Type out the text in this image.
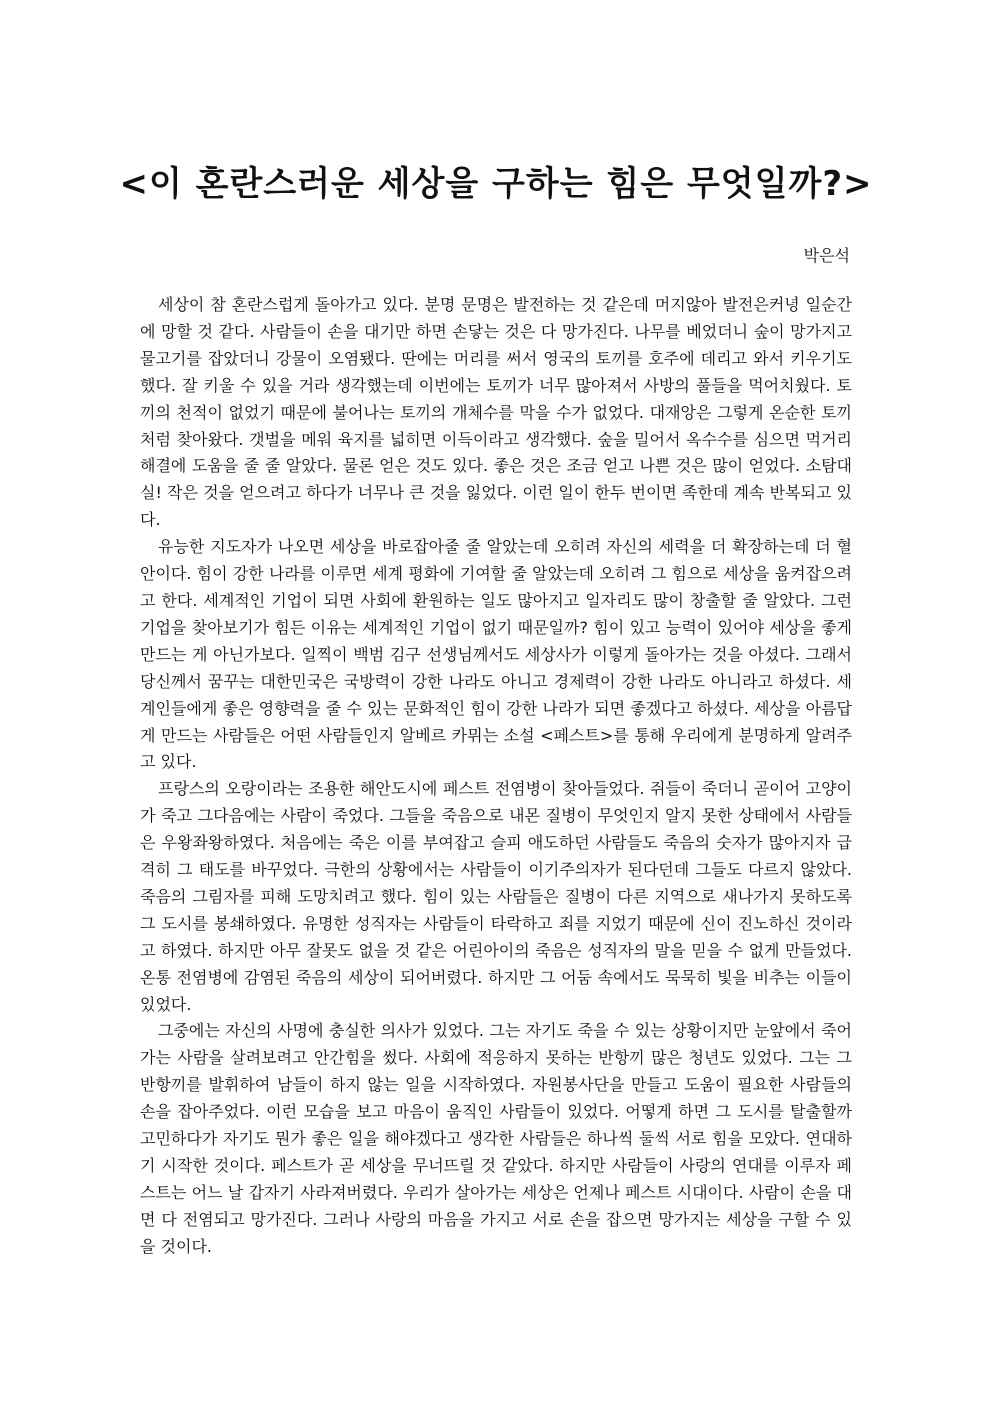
<이 혼란스러운 세상을 구하는 힘은 무엇일까?>

박은석

세상이 참 혼란스럽게 돌아가고 있다. 분명 문명은 발전하는 것 같은데 머지않아 발전은커녕 일순간에 망할 것 같다. 사람들이 손을 대기만 하면 손닿는 것은 다 망가진다. 나무를 베었더니 숲이 망가지고 물고기를 잡았더니 강물이 오염됐다. 딴에는 머리를 써서 영국의 토끼를 호주에 데리고 와서 키우기도 했다. 잘 키울 수 있을 거라 생각했는데 이번에는 토끼가 너무 많아져서 사방의 풀들을 먹어치웠다. 토끼의 천적이 없었기 때문에 불어나는 토끼의 개체수를 막을 수가 없었다. 대재앙은 그렇게 온순한 토끼처럼 찾아왔다. 갯벌을 메워 육지를 넓히면 이득이라고 생각했다. 숲을 밀어서 옥수수를 심으면 먹거리 해결에 도움을 줄 줄 알았다. 물론 얻은 것도 있다. 좋은 것은 조금 얻고 나쁜 것은 많이 얻었다. 소탐대실! 작은 것을 얻으려고 하다가 너무나 큰 것을 잃었다. 이런 일이 한두 번이면 족한데 계속 반복되고 있다.

유능한 지도자가 나오면 세상을 바로잡아줄 줄 알았는데 오히려 자신의 세력을 더 확장하는데 더 혈안이다. 힘이 강한 나라를 이루면 세계 평화에 기여할 줄 알았는데 오히려 그 힘으로 세상을 움켜잡으려고 한다. 세계적인 기업이 되면 사회에 환원하는 일도 많아지고 일자리도 많이 창출할 줄 알았다. 그런 기업을 찾아보기가 힘든 이유는 세계적인 기업이 없기 때문일까? 힘이 있고 능력이 있어야 세상을 좋게 만드는 게 아닌가보다. 일찍이 백범 김구 선생님께서도 세상사가 이렇게 돌아가는 것을 아셨다. 그래서 당신께서 꿈꾸는 대한민국은 국방력이 강한 나라도 아니고 경제력이 강한 나라도 아니라고 하셨다. 세계인들에게 좋은 영향력을 줄 수 있는 문화적인 힘이 강한 나라가 되면 좋겠다고 하셨다. 세상을 아름답게 만드는 사람들은 어떤 사람들인지 알베르 카뮈는 소설 <페스트>를 통해 우리에게 분명하게 알려주고 있다.

프랑스의 오랑이라는 조용한 해안도시에 페스트 전염병이 찾아들었다. 쥐들이 죽더니 곧이어 고양이가 죽고 그다음에는 사람이 죽었다. 그들을 죽음으로 내몬 질병이 무엇인지 알지 못한 상태에서 사람들은 우왕좌왕하였다. 처음에는 죽은 이를 부여잡고 슬피 애도하던 사람들도 죽음의 숫자가 많아지자 급격히 그 태도를 바꾸었다. 극한의 상황에서는 사람들이 이기주의자가 된다던데 그들도 다르지 않았다. 죽음의 그림자를 피해 도망치려고 했다. 힘이 있는 사람들은 질병이 다른 지역으로 새나가지 못하도록 그 도시를 봉쇄하였다. 유명한 성직자는 사람들이 타락하고 죄를 지었기 때문에 신이 진노하신 것이라고 하였다. 하지만 아무 잘못도 없을 것 같은 어린아이의 죽음은 성직자의 말을 믿을 수 없게 만들었다. 온통 전염병에 감염된 죽음의 세상이 되어버렸다. 하지만 그 어둠 속에서도 묵묵히 빛을 비추는 이들이 있었다.

그중에는 자신의 사명에 충실한 의사가 있었다. 그는 자기도 죽을 수 있는 상황이지만 눈앞에서 죽어가는 사람을 살려보려고 안간힘을 썼다. 사회에 적응하지 못하는 반항끼 많은 청년도 있었다. 그는 그 반항끼를 발휘하여 남들이 하지 않는 일을 시작하였다. 자원봉사단을 만들고 도움이 필요한 사람들의 손을 잡아주었다. 이런 모습을 보고 마음이 움직인 사람들이 있었다. 어떻게 하면 그 도시를 탈출할까 고민하다가 자기도 뭔가 좋은 일을 해야겠다고 생각한 사람들은 하나씩 둘씩 서로 힘을 모았다. 연대하기 시작한 것이다. 페스트가 곧 세상을 무너뜨릴 것 같았다. 하지만 사람들이 사랑의 연대를 이루자 페스트는 어느 날 갑자기 사라져버렸다. 우리가 살아가는 세상은 언제나 페스트 시대이다. 사람이 손을 대면 다 전염되고 망가진다. 그러나 사랑의 마음을 가지고 서로 손을 잡으면 망가지는 세상을 구할 수 있을 것이다.
